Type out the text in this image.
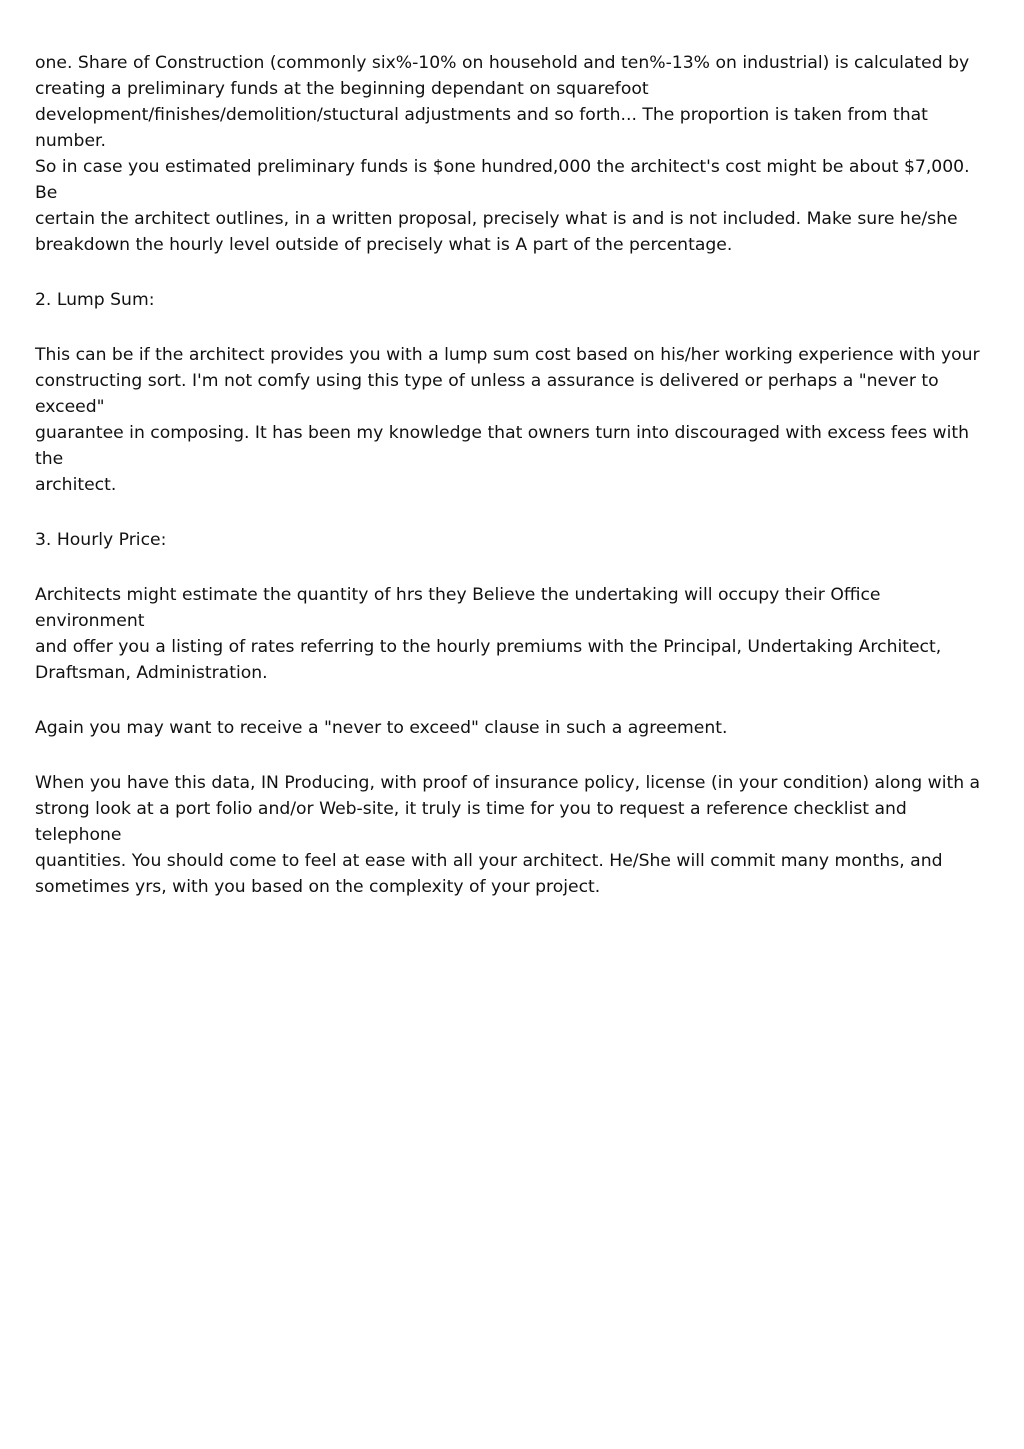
one. Share of Construction (commonly six%-10% on household and ten%-13% on industrial) is calculated by
creating a preliminary funds at the beginning dependant on squarefoot
development/finishes/demolition/stuctural adjustments and so forth... The proportion is taken from that number.
So in case you estimated preliminary funds is $one hundred,000 the architect's cost might be about $7,000. Be
certain the architect outlines, in a written proposal, precisely what is and is not included. Make sure he/she
breakdown the hourly level outside of precisely what is A part of the percentage.

2. Lump Sum:

This can be if the architect provides you with a lump sum cost based on his/her working experience with your
constructing sort. I'm not comfy using this type of unless a assurance is delivered or perhaps a "never to exceed"
guarantee in composing. It has been my knowledge that owners turn into discouraged with excess fees with the
architect.

3. Hourly Price:

Architects might estimate the quantity of hrs they Believe the undertaking will occupy their Office environment
and offer you a listing of rates referring to the hourly premiums with the Principal, Undertaking Architect,
Draftsman, Administration.

Again you may want to receive a "never to exceed" clause in such a agreement.

When you have this data, IN Producing, with proof of insurance policy, license (in your condition) along with a
strong look at a port folio and/or Web-site, it truly is time for you to request a reference checklist and telephone
quantities. You should come to feel at ease with all your architect. He/She will commit many months, and
sometimes yrs, with you based on the complexity of your project.
